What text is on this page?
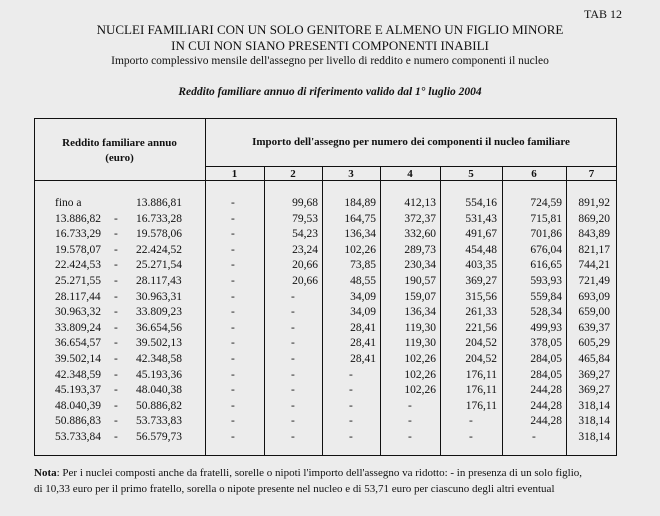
TAB 12
NUCLEI FAMILIARI CON UN SOLO GENITORE E ALMENO UN FIGLIO MINORE
IN CUI NON SIANO PRESENTI COMPONENTI INABILI
Importo complessivo mensile dell'assegno per livello di reddito e numero componenti il nucleo
Reddito familiare annuo di riferimento valido dal 1° luglio 2004
Reddito familiare annuo
(euro)
Importo dell'assegno per numero dei componenti il nucleo familiare
1	2	3	4	5	6	7
fino a	13.886,81	-	99,68 184,89 412,13	554,16	724,59 891,92
13.886,82 - 16.733,28	-	79,53 164,75 372,37	531,43	715,81 869,20
16.733,29 - 19.578,06	-	54,23 136,34 332,60	491,67	701,86 843,89
19.578,07 - 22.424,52	-	23,24 102,26 289,73	454,48	676,04 821,17
22.424,53 - 25.271,54	-	20,66	73,85 230,34	403,35	616,65 744,21
25.271,55 - 28.117,43	-	20,66	48,55 190,57	369,27	593,93 721,49
28.117,44 - 30.963,31	-	-	34,09 159,07	315,56	559,84 693,09
30.963,32 - 33.809,23	-	-	34,09 136,34	261,33	528,34 659,00
33.809,24 - 36.654,56	-	-	28,41	119,30	221,56	499,93 639,37
36.654,57 - 39.502,13	-	-	28,41	119,30	204,52	378,05 605,29
39.502,14 - 42.348,58	-	-	28,41 102,26	204,52	284,05 465,84
42.348,59 - 45.193,36	-	-	-	102,26	176,11	284,05 369,27
45.193,37 - 48.040,38	-	-	-	102,26	176,11	244,28 369,27
48.040,39 - 50.886,82	-	-	-	-	176,11	244,28 318,14
50.886,83 - 53.733,83	-	-	-	-	-	244,28 318,14
53.733,84 - 56.579,73	-	-	-	-	-	-	318,14
Nota: Per i nuclei composti anche da fratelli, sorelle o nipoti l'importo dell'assegno va ridotto: - in presenza di un solo figlio,
di 10,33 euro per il primo fratello, sorella o nipote presente nel nucleo e di 53,71 euro per ciascuno degli altri eventual
